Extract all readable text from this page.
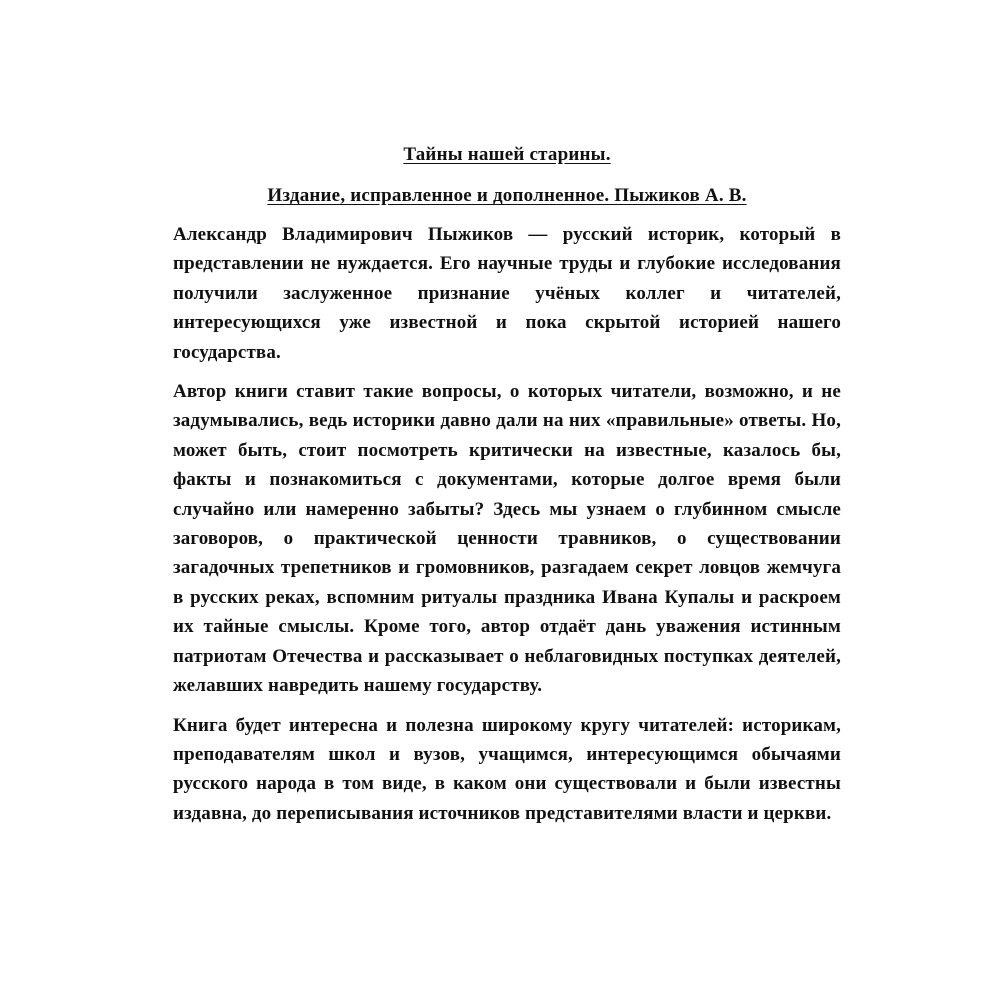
Тайны нашей старины.

Издание, исправленное и дополненное. Пыжиков А. В.

Александр Владимирович Пыжиков — русский историк, который в представлении не нуждается. Его научные труды и глубокие исследования получили заслуженное признание учёных коллег и читателей, интересующихся уже известной и пока скрытой историей нашего государства.

Автор книги ставит такие вопросы, о которых читатели, возможно, и не задумывались, ведь историки давно дали на них «правильные» ответы. Но, может быть, стоит посмотреть критически на известные, казалось бы, факты и познакомиться с документами, которые долгое время были случайно или намеренно забыты? Здесь мы узнаем о глубинном смысле заговоров, о практической ценности травников, о существовании загадочных трепетников и громовников, разгадаем секрет ловцов жемчуга в русских реках, вспомним ритуалы праздника Ивана Купалы и раскроем их тайные смыслы. Кроме того, автор отдаёт дань уважения истинным патриотам Отечества и рассказывает о неблаговидных поступках деятелей, желавших навредить нашему государству.

Книга будет интересна и полезна широкому кругу читателей: историкам, преподавателям школ и вузов, учащимся, интересующимся обычаями русского народа в том виде, в каком они существовали и были известны издавна, до переписывания источников представителями власти и церкви.
